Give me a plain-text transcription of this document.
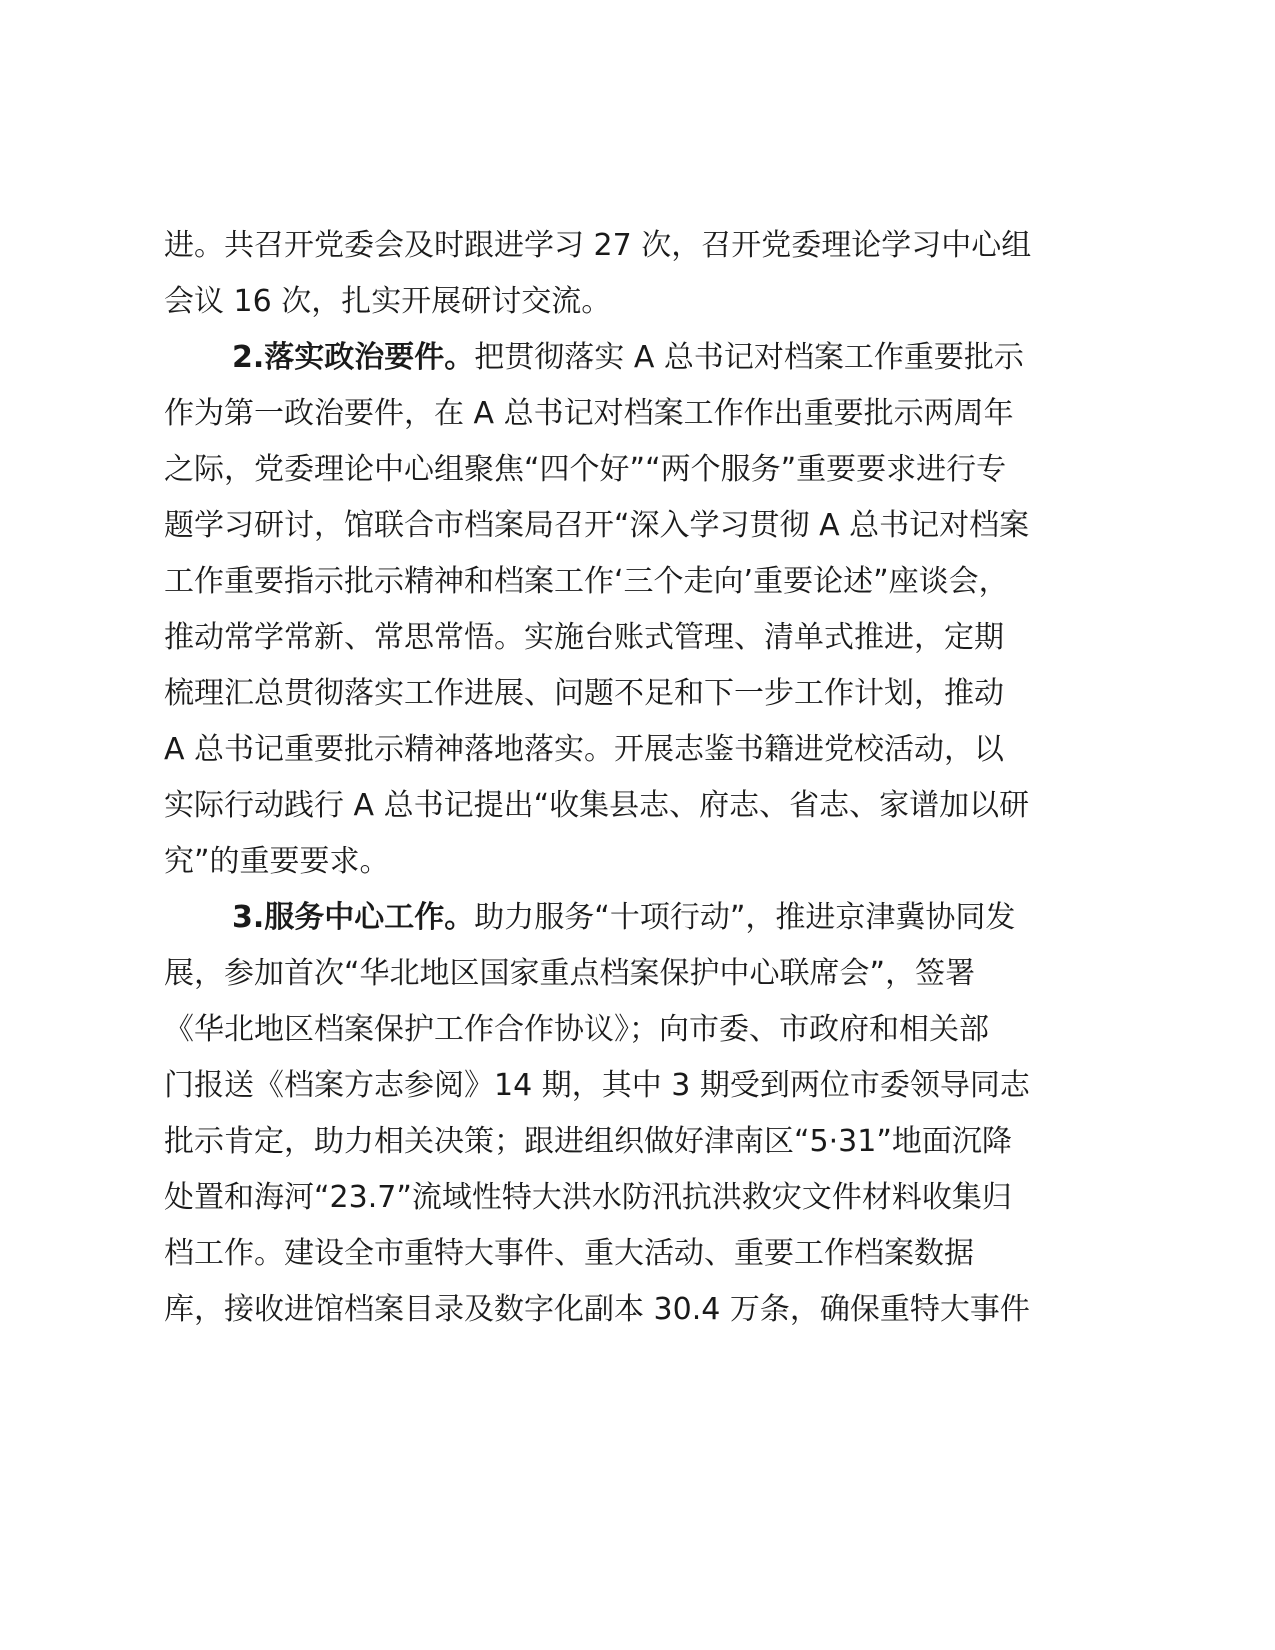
进。共召开党委会及时跟进学习 27 次，召开党委理论学习中心组
会议 16 次，扎实开展研讨交流。
2.落实政治要件。把贯彻落实 A 总书记对档案工作重要批示
作为第一政治要件，在 A 总书记对档案工作作出重要批示两周年
之际，党委理论中心组聚焦“四个好”“两个服务”重要要求进行专
题学习研讨，馆联合市档案局召开“深入学习贯彻 A 总书记对档案
工作重要指示批示精神和档案工作‘三个走向’重要论述”座谈会，
推动常学常新、常思常悟。实施台账式管理、清单式推进，定期
梳理汇总贯彻落实工作进展、问题不足和下一步工作计划，推动
A 总书记重要批示精神落地落实。开展志鉴书籍进党校活动，以
实际行动践行 A 总书记提出“收集县志、府志、省志、家谱加以研
究”的重要要求。
3.服务中心工作。助力服务“十项行动”，推进京津冀协同发
展，参加首次“华北地区国家重点档案保护中心联席会”，签署
《华北地区档案保护工作合作协议》；向市委、市政府和相关部
门报送《档案方志参阅》14 期，其中 3 期受到两位市委领导同志
批示肯定，助力相关决策；跟进组织做好津南区“5·31”地面沉降
处置和海河“23.7”流域性特大洪水防汛抗洪救灾文件材料收集归
档工作。建设全市重特大事件、重大活动、重要工作档案数据
库，接收进馆档案目录及数字化副本 30.4 万条，确保重特大事件
